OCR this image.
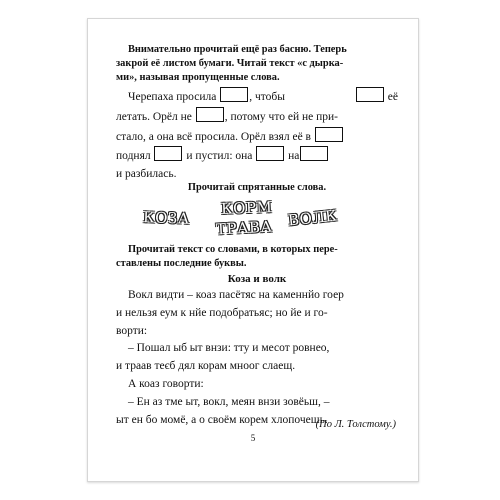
Внимательно прочитай ещё раз басню. Теперь
закрой её листом бумаги. Читай текст «с дырка-
ми», называя пропущенные слова.
Черепаха просила	, чтобы	её
летать. Орёл не	, потому что ей не при-
стало, а она всё просила. Орёл взял её в
поднял	и пустил: она	на
и разбилась.
Прочитай спрятанные слова.
КОЗА
КОРМ
ТРАВА ВОЛК
Прочитай текст со словами, в которых пере-
ставлены последние буквы.
Коза и волк
Вокл видти – коаз пасётяс на каменнйо гоер
и нельзя еум к нйе подобратьяс; но йе и го-
ворти:
– Пошал ыб ыт внзи: тту и месот ровнео,
и траав теєб дял корам мноог слаещ.
А коаз говорти:
– Ен аз тме ыт, вокл, меян внзи зовёьш, –
ыт ен бо момё, а о своём корем хлопочешь.
(По Л. Толстому.)
5
